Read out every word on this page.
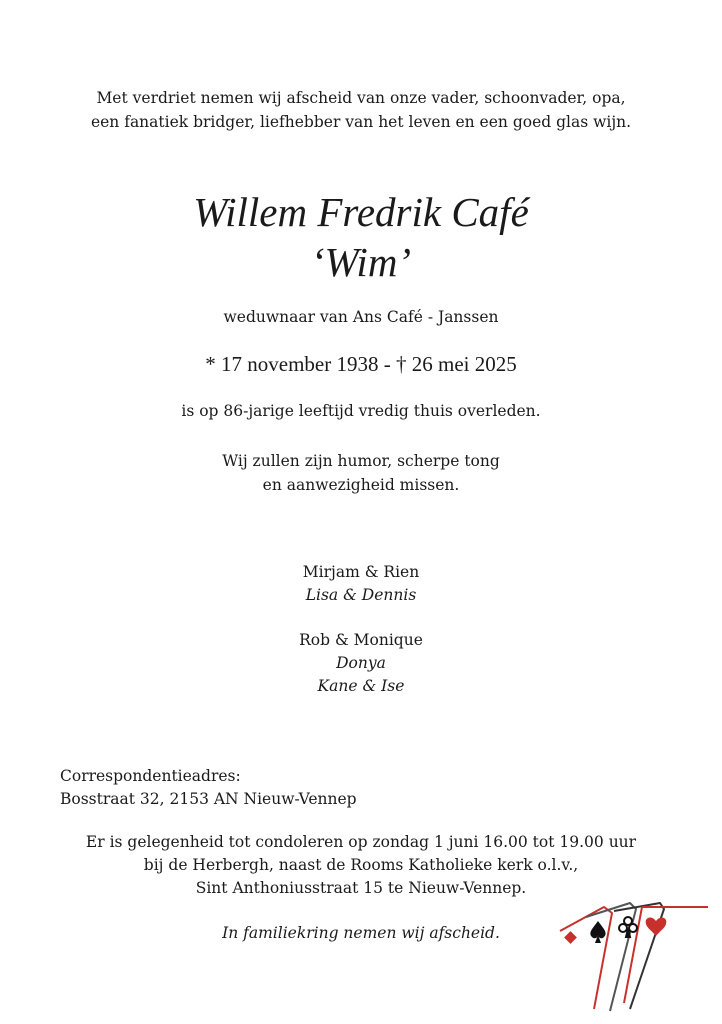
Met verdriet nemen wij afscheid van onze vader, schoonvader, opa,
een fanatiek bridger, liefhebber van het leven en een goed glas wijn.
Willem Fredrik Café
‘Wim’
weduwnaar van Ans Café - Janssen
* 17 november 1938 - † 26 mei 2025
is op 86-jarige leeftijd vredig thuis overleden.
Wij zullen zijn humor, scherpe tong
en aanwezigheid missen.
Mirjam & Rien
Lisa & Dennis
Rob & Monique
Donya
Kane & Ise
Correspondentieadres:
Bosstraat 32, 2153 AN Nieuw-Vennep
Er is gelegenheid tot condoleren op zondag 1 juni 16.00 tot 19.00 uur
bij de Herbergh, naast de Rooms Katholieke kerk o.l.v.,
Sint Anthoniusstraat 15 te Nieuw-Vennep.
In familiekring nemen wij afscheid.
